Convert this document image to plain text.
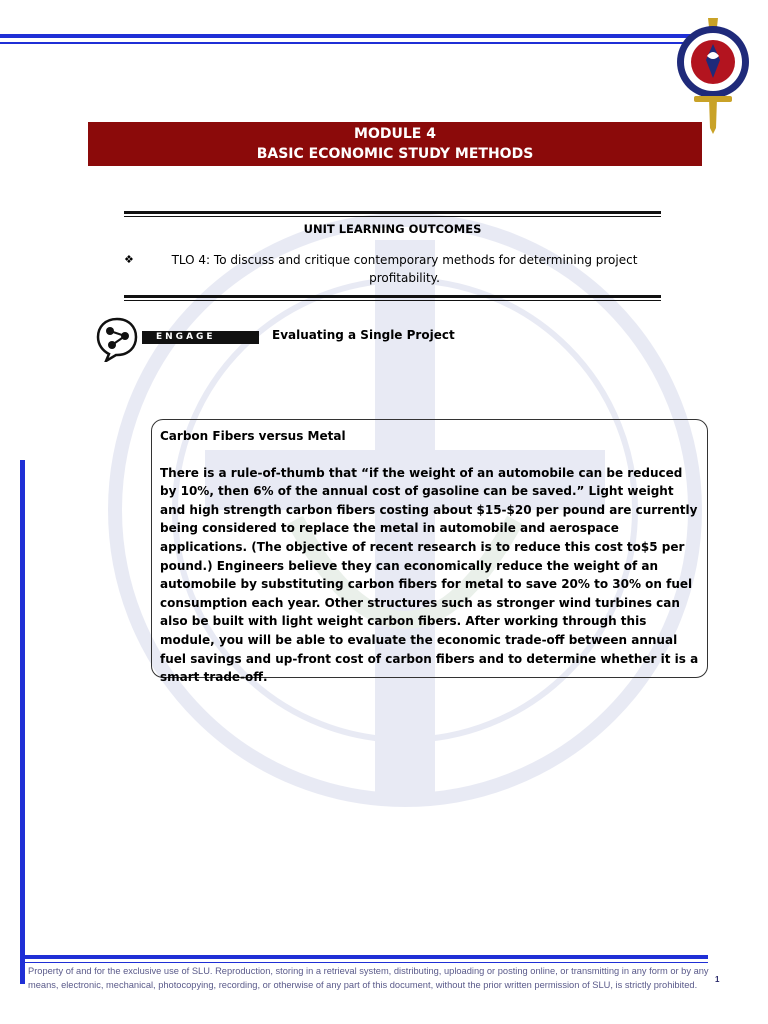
MODULE 4
BASIC ECONOMIC STUDY METHODS
UNIT LEARNING OUTCOMES
❖	TLO 4: To discuss and critique contemporary methods for determining project profitability.
ENGAGE	Evaluating a Single Project
Carbon Fibers versus Metal
There is a rule-of-thumb that “if the weight of an automobile can be reduced by 10%, then 6% of the annual cost of gasoline can be saved.” Light weight and high strength carbon fibers costing about $15-$20 per pound are currently being considered to replace the metal in automobile and aerospace applications. (The objective of recent research is to reduce this cost to$5 per pound.) Engineers believe they can economically reduce the weight of an automobile by substituting carbon fibers for metal to save 20% to 30% on fuel consumption each year. Other structures such as stronger wind turbines can also be built with light weight carbon fibers. After working through this module, you will be able to evaluate the economic trade-off between annual fuel savings and up-front cost of carbon fibers and to determine whether it is a smart trade-off.
Property of and for the exclusive use of SLU. Reproduction, storing in a retrieval system, distributing, uploading or posting online, or transmitting in any form or by any means, electronic, mechanical, photocopying, recording, or otherwise of any part of this document, without the prior written permission of SLU, is strictly prohibited.
1
